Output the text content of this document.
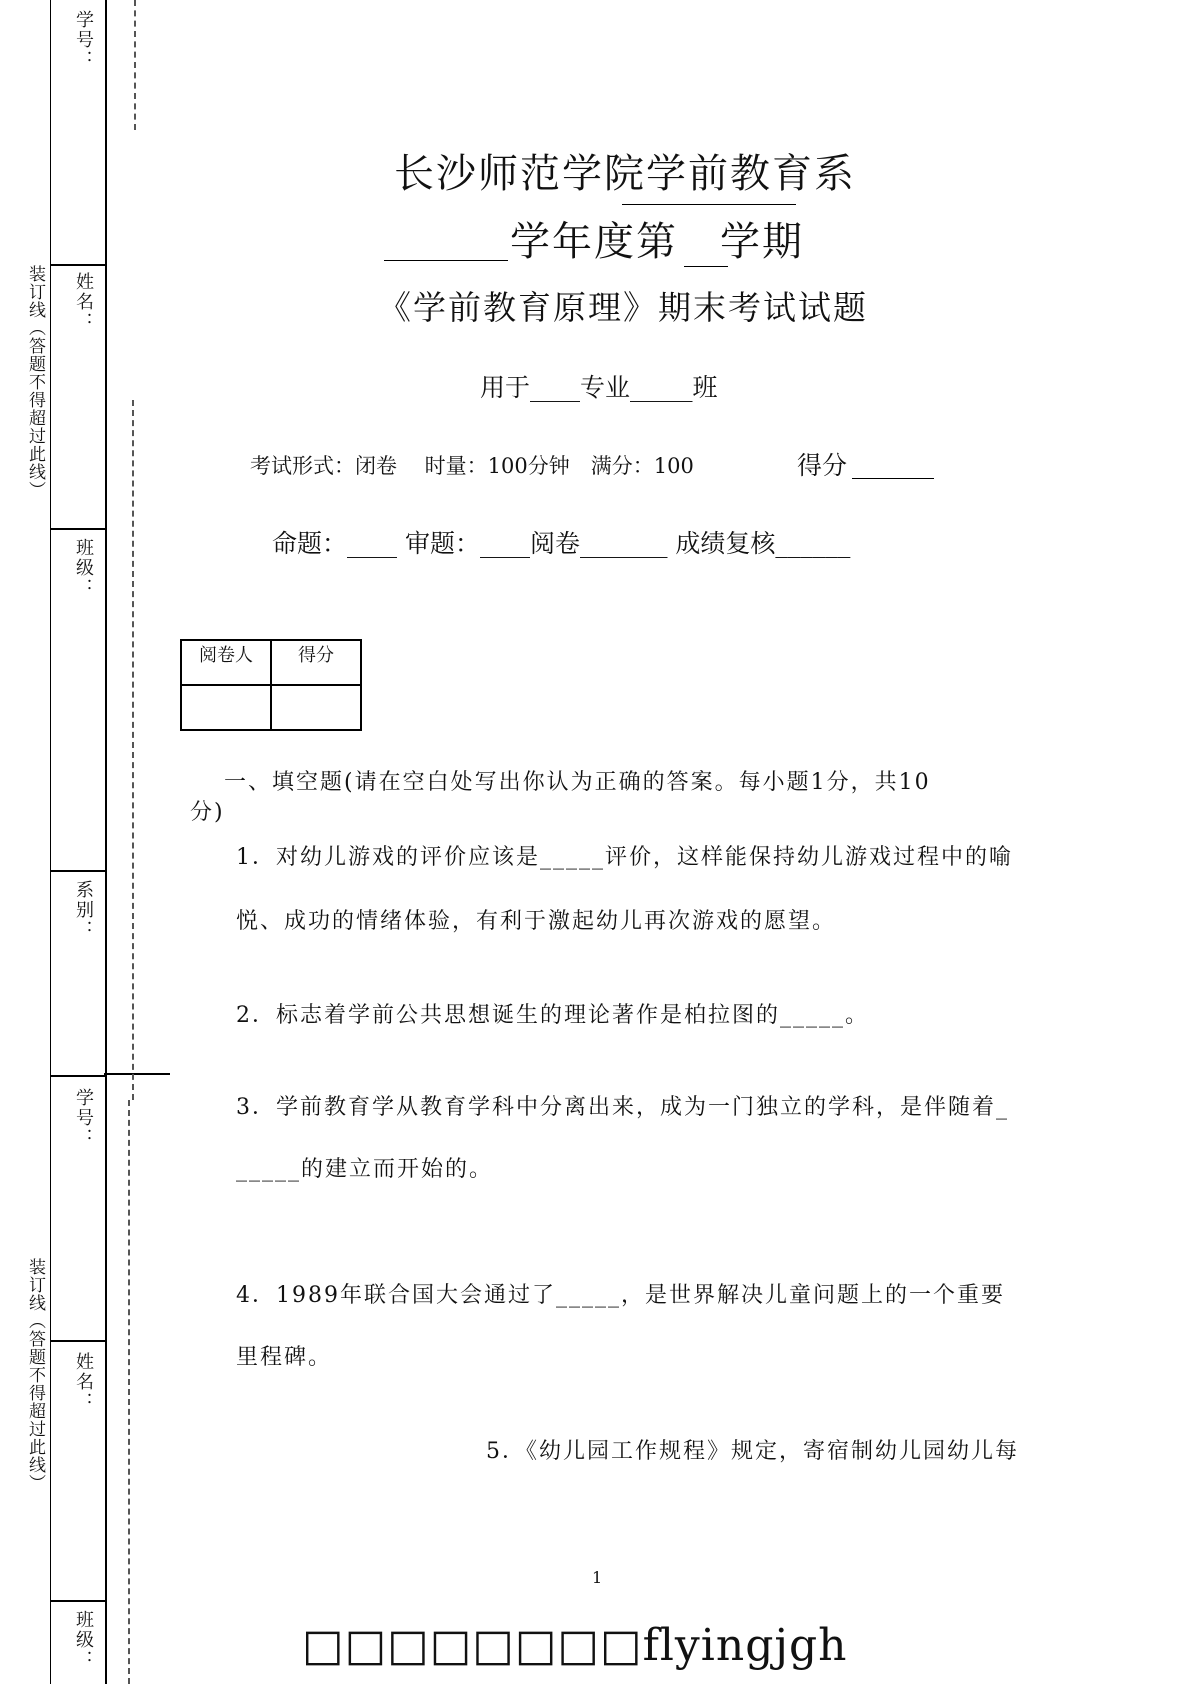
学号：
姓名：
班级：
系别：
学号：
姓名：
班级：
装订线（答题不得超过此线）
装订线（答题不得超过此线）
长沙师范学院学前教育系
学年度第　学期
《学前教育原理》期末考试试题
用于____专业_____班
考试形式：闭卷　 时量：100分钟　满分：100	得分
命题：____ 审题：____阅卷_______ 成绩复核______
阅卷人	得分

一、填空题(请在空白处写出你认为正确的答案。每小题1分，共10
分)
1．对幼儿游戏的评价应该是_____评价，这样能保持幼儿游戏过程中的喻
悦、成功的情绪体验，有利于激起幼儿再次游戏的愿望。
2．标志着学前公共思想诞生的理论著作是柏拉图的_____。
3．学前教育学从教育学科中分离出来，成为一门独立的学科，是伴随着_
_____的建立而开始的。
4．1989年联合国大会通过了_____，是世界解决儿童问题上的一个重要
里程碑。
5．《幼儿园工作规程》规定，寄宿制幼儿园幼儿每
1
□□□□□□□□flyingjgh
